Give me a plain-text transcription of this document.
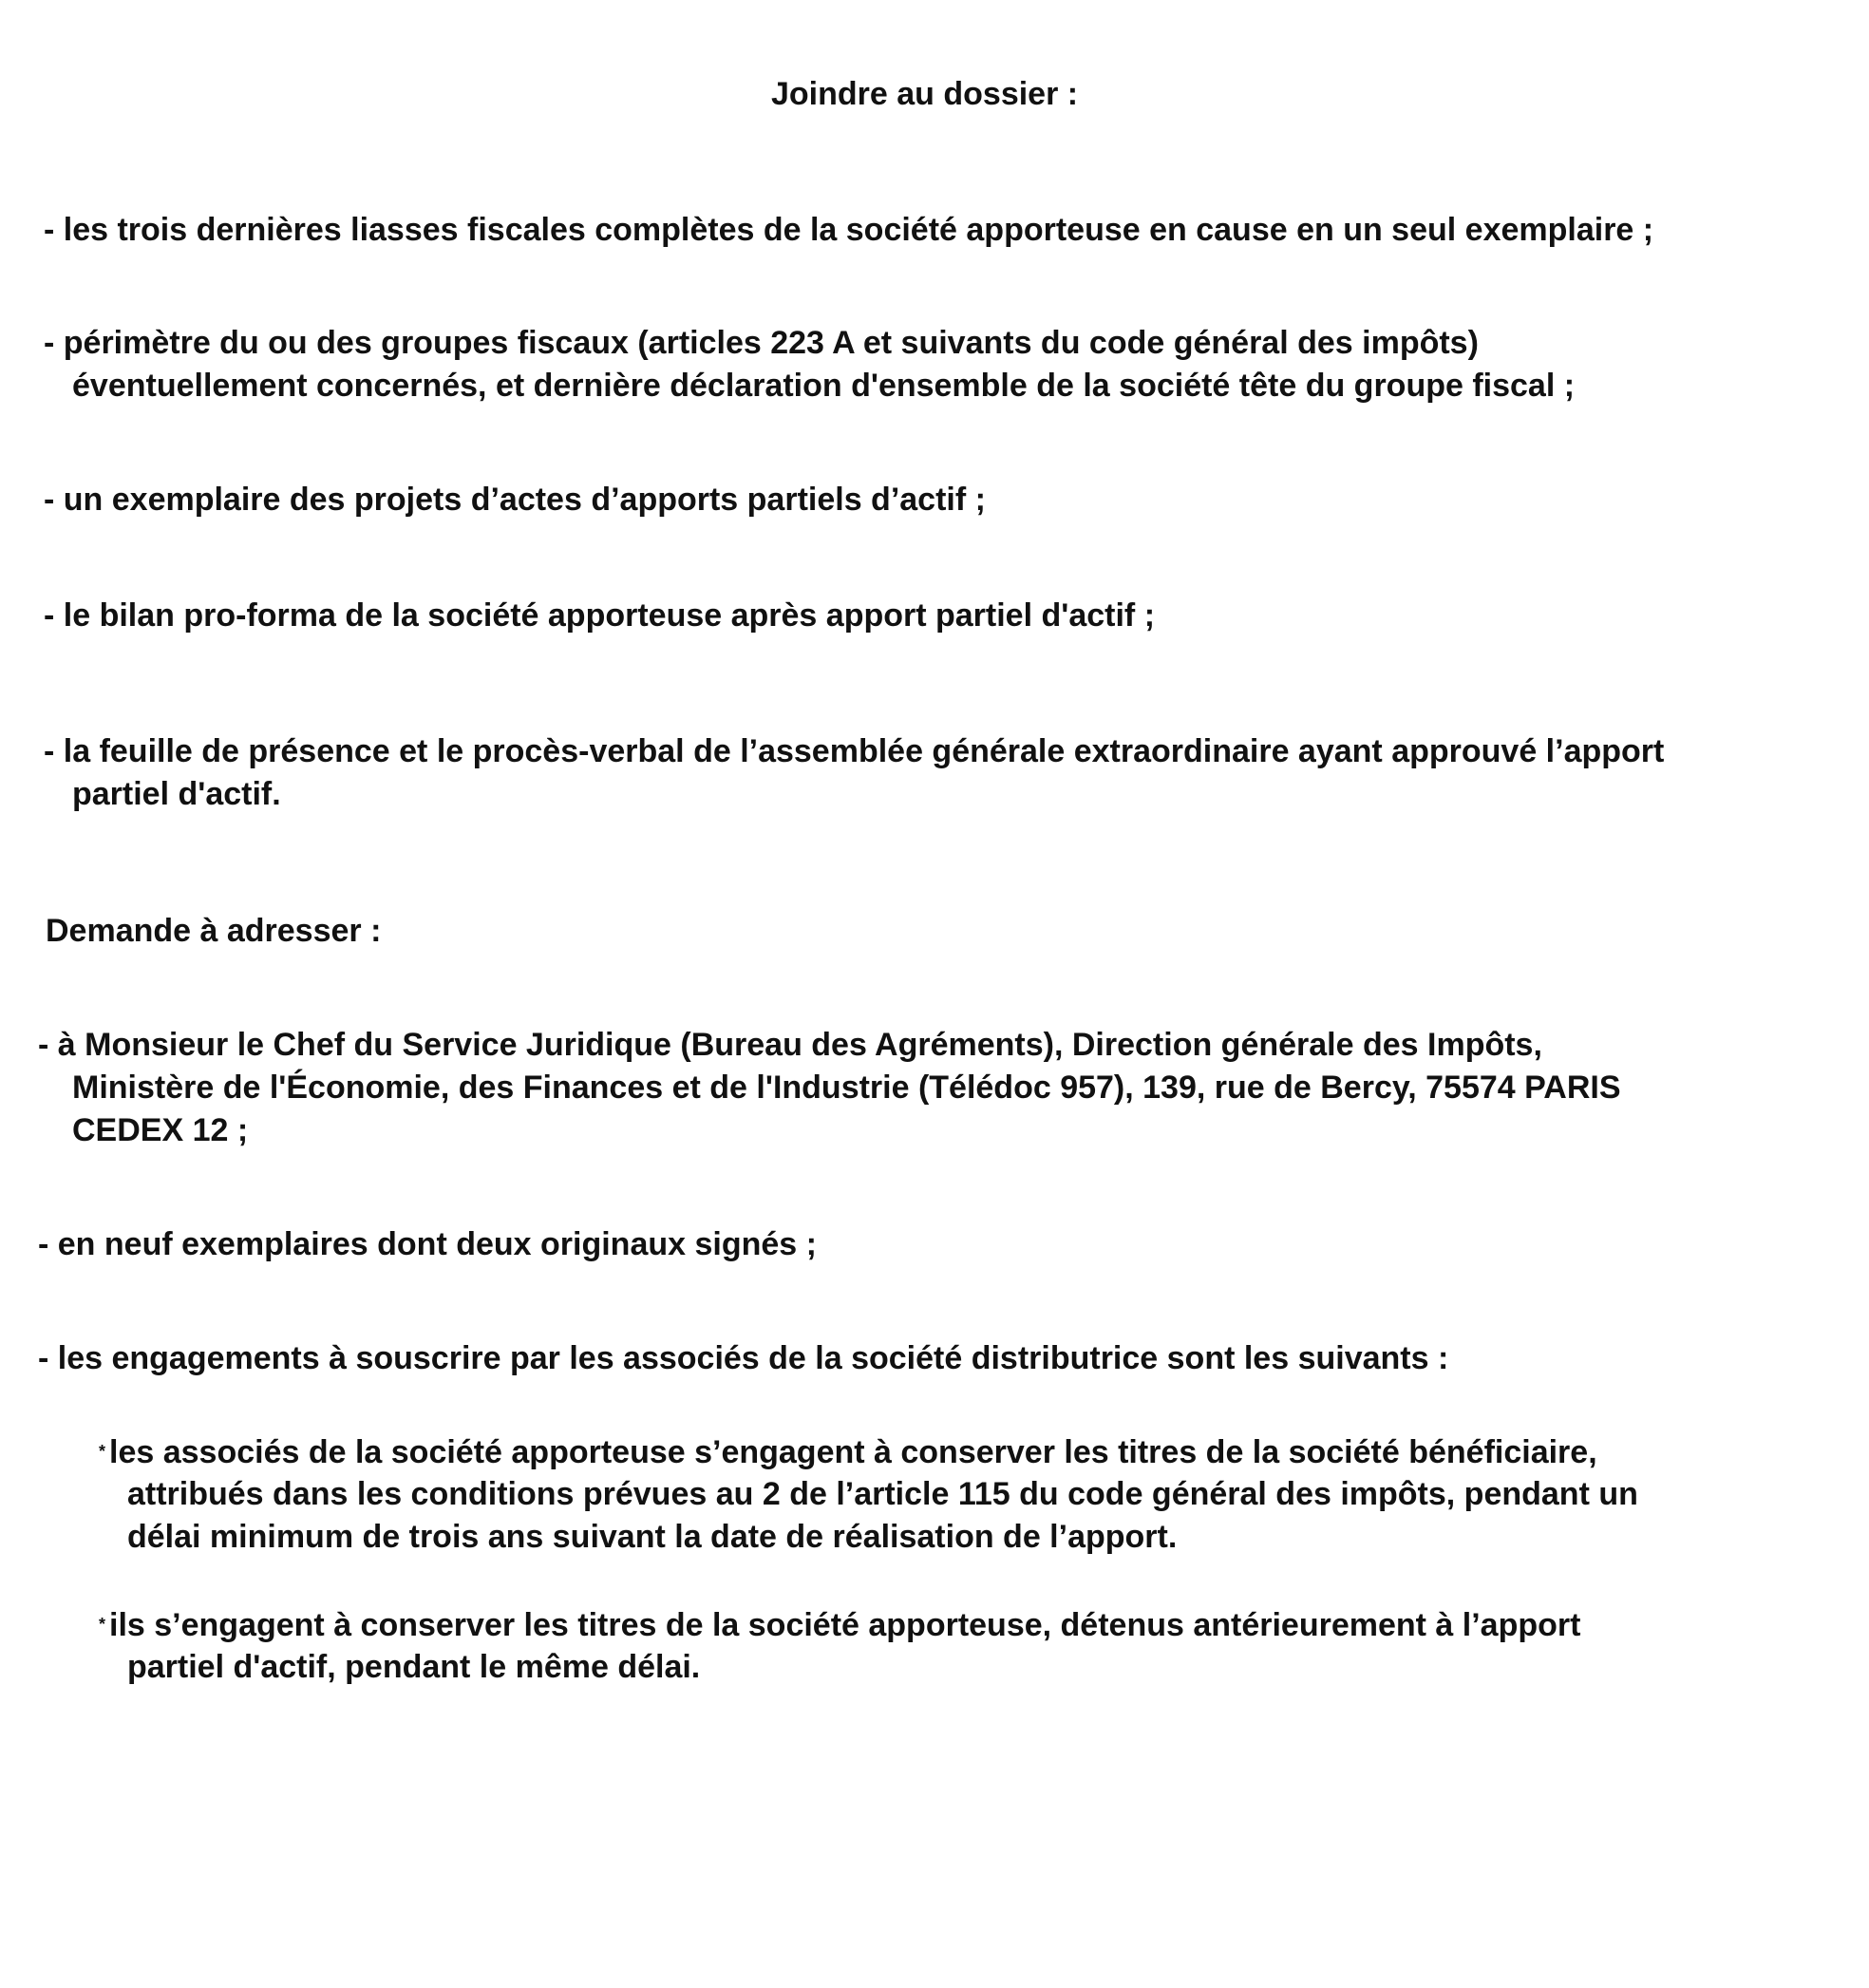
Joindre au dossier :

- les trois dernières liasses fiscales complètes de la société apporteuse en cause en un seul exemplaire ;

- périmètre du ou des groupes fiscaux (articles 223 A et suivants du code général des impôts)

éventuellement concernés, et dernière déclaration d'ensemble de la société tête du groupe fiscal ;

- un exemplaire des projets d’actes d’apports partiels d’actif ;

- le bilan pro-forma de la société apporteuse après apport partiel d'actif ;

- la feuille de présence et le procès-verbal de l’assemblée générale extraordinaire ayant approuvé l’apport

partiel d'actif.

Demande à adresser :

- à Monsieur le Chef du Service Juridique (Bureau des Agréments), Direction générale des Impôts,

Ministère de l'Économie, des Finances et de l'Industrie (Télédoc 957), 139, rue de Bercy, 75574 PARIS

CEDEX 12 ;

- en neuf exemplaires dont deux originaux signés ;

- les engagements à souscrire par les associés de la société distributrice sont les suivants :

* les associés de la société apporteuse s’engagent à conserver les titres de la société bénéficiaire,

attribués dans les conditions prévues au 2 de l’article 115 du code général des impôts, pendant un

délai minimum de trois ans suivant la date de réalisation de l’apport.

* ils s’engagent à conserver les titres de la société apporteuse, détenus antérieurement à l’apport

partiel d'actif, pendant le même délai.
